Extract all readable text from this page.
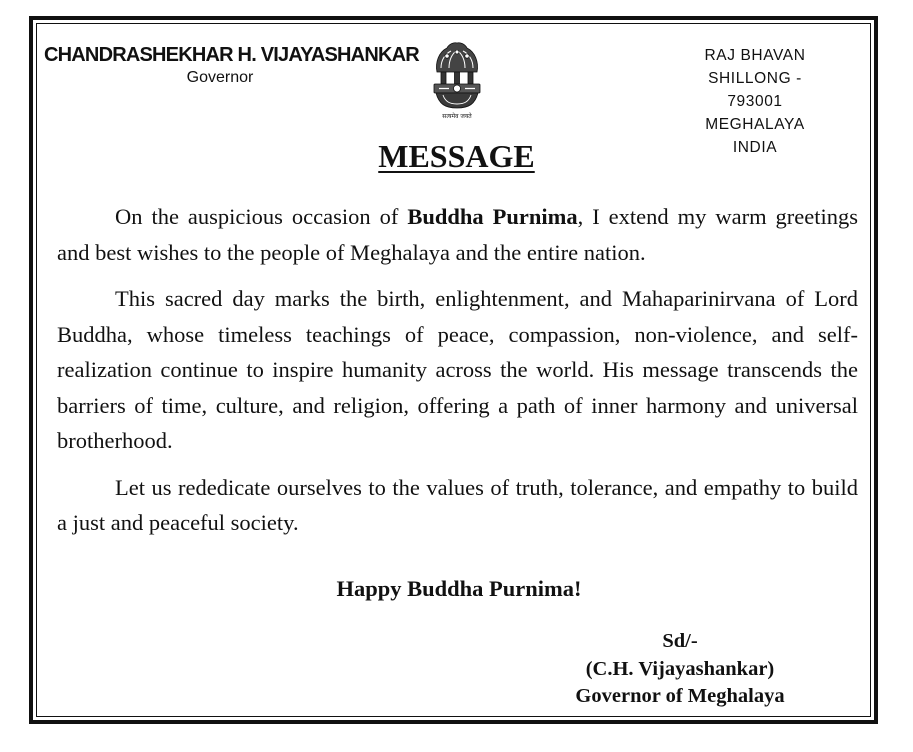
CHANDRASHEKHAR H. VIJAYASHANKAR
Governor
सत्यमेव जयते
RAJ BHAVAN
SHILLONG - 793001
MEGHALAYA
INDIA
MESSAGE

On the auspicious occasion of Buddha Purnima, I extend my warm greetings and best wishes to the people of Meghalaya and the entire nation.

This sacred day marks the birth, enlightenment, and Mahaparinirvana of Lord Buddha, whose timeless teachings of peace, compassion, non-violence, and self-realization continue to inspire humanity across the world. His message transcends the barriers of time, culture, and religion, offering a path of inner harmony and universal brotherhood.

Let us rededicate ourselves to the values of truth, tolerance, and empathy to build a just and peaceful society.

Happy Buddha Purnima!
Sd/-
(C.H. Vijayashankar)
Governor of Meghalaya
